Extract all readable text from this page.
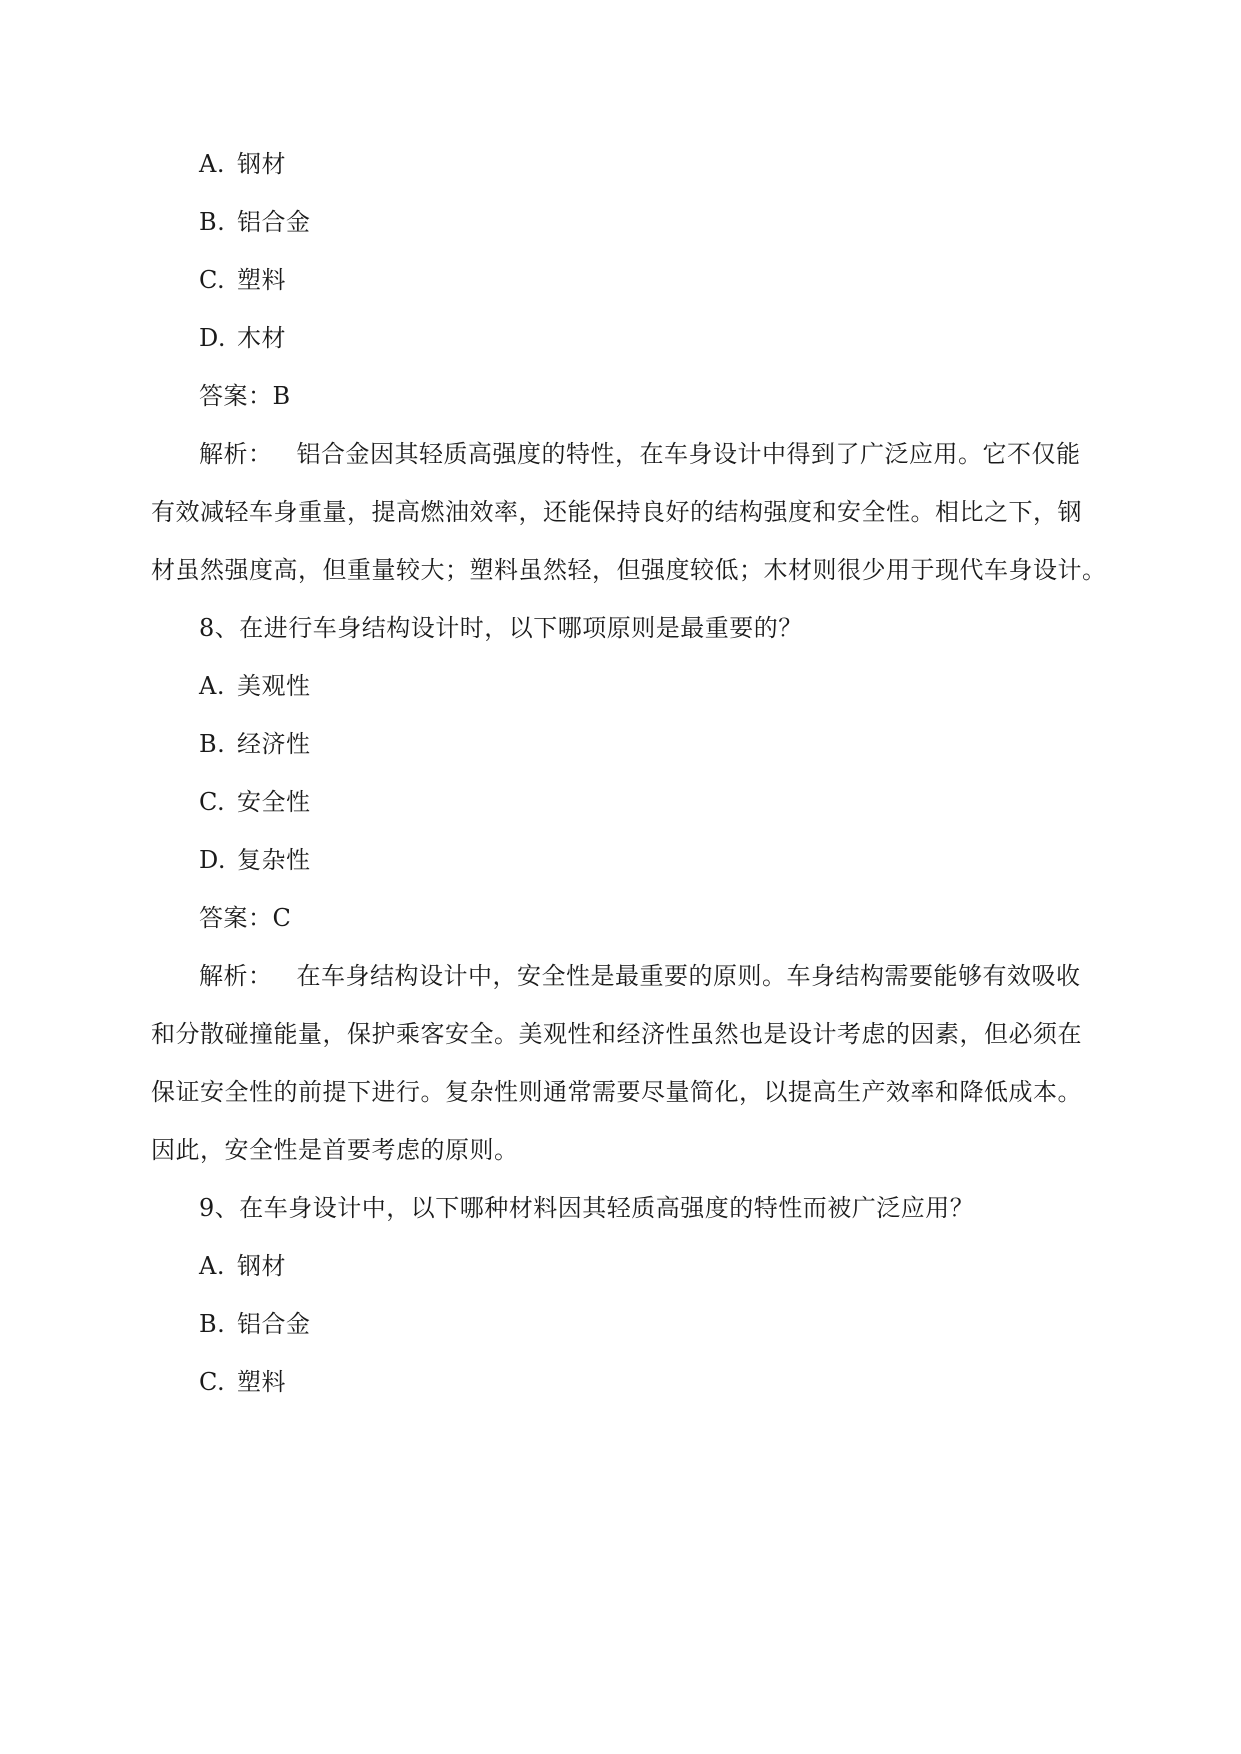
A. 钢材
B. 铝合金
C. 塑料
D. 木材
答案：B
解析： 铝合金因其轻质高强度的特性，在车身设计中得到了广泛应用。它不仅能
有效减轻车身重量，提高燃油效率，还能保持良好的结构强度和安全性。相比之下，钢
材虽然强度高，但重量较大；塑料虽然轻，但强度较低；木材则很少用于现代车身设计。
8、在进行车身结构设计时，以下哪项原则是最重要的？
A. 美观性
B. 经济性
C. 安全性
D. 复杂性
答案：C
解析： 在车身结构设计中，安全性是最重要的原则。车身结构需要能够有效吸收
和分散碰撞能量，保护乘客安全。美观性和经济性虽然也是设计考虑的因素，但必须在
保证安全性的前提下进行。复杂性则通常需要尽量简化，以提高生产效率和降低成本。
因此，安全性是首要考虑的原则。
9、在车身设计中，以下哪种材料因其轻质高强度的特性而被广泛应用？
A. 钢材
B. 铝合金
C. 塑料
